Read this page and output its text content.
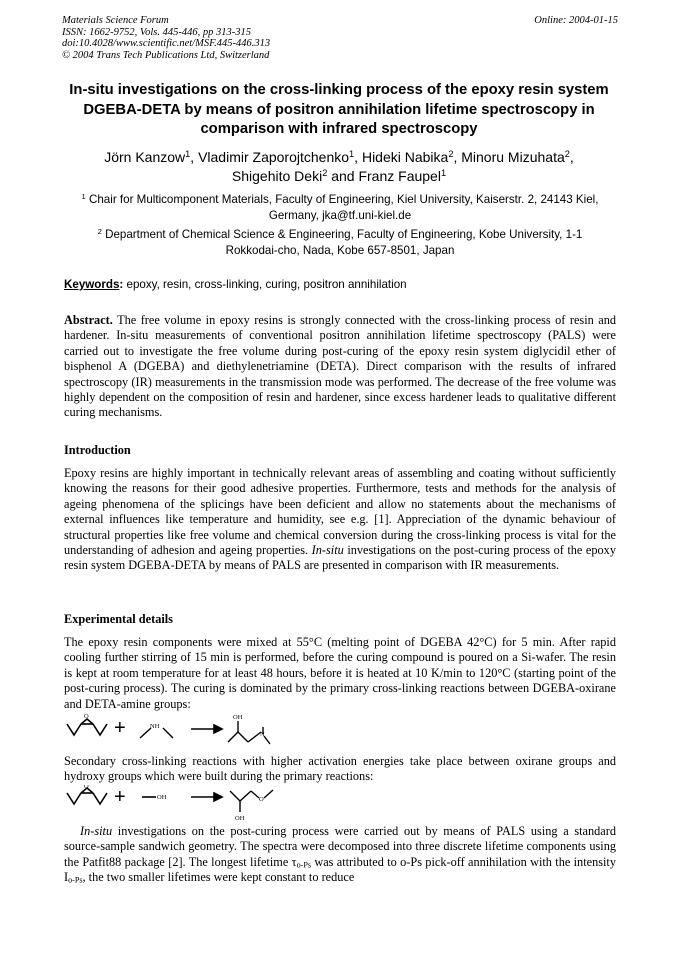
Materials Science Forum
ISSN: 1662-9752, Vols. 445-446, pp 313-315
doi:10.4028/www.scientific.net/MSF.445-446.313
© 2004 Trans Tech Publications Ltd, Switzerland
Online: 2004-01-15
In-situ investigations on the cross-linking process of the epoxy resin system DGEBA-DETA by means of positron annihilation lifetime spectroscopy in comparison with infrared spectroscopy
Jörn Kanzow$^1$, Vladimir Zaporojtchenko$^1$, Hideki Nabika$^2$, Minoru Mizuhata$^2$,
Shigehito Deki$^2$ and Franz Faupel$^1$
$^1$ Chair for Multicomponent Materials, Faculty of Engineering, Kiel University, Kaiserstr. 2, 24143 Kiel, Germany, jka@tf.uni-kiel.de
$^2$ Department of Chemical Science & Engineering, Faculty of Engineering, Kobe University, 1-1 Rokkodai-cho, Nada, Kobe 657-8501, Japan
Keywords: epoxy, resin, cross-linking, curing, positron annihilation
Abstract. The free volume in epoxy resins is strongly connected with the cross-linking process of resin and hardener. In-situ measurements of conventional positron annihilation lifetime spectroscopy (PALS) were carried out to investigate the free volume during post-curing of the epoxy resin system diglycidil ether of bisphenol A (DGEBA) and diethylenetriamine (DETA). Direct comparison with the results of infrared spectroscopy (IR) measurements in the transmission mode was performed. The decrease of the free volume was highly dependent on the composition of resin and hardener, since excess hardener leads to qualitative different curing mechanisms.
Introduction
Epoxy resins are highly important in technically relevant areas of assembling and coating without sufficiently knowing the reasons for their good adhesive properties. Furthermore, tests and methods for the analysis of ageing phenomena of the splicings have been deficient and allow no statements about the mechanisms of external influences like temperature and humidity, see e.g. [1]. Appreciation of the dynamic behaviour of structural properties like free volume and chemical conversion during the cross-linking process is vital for the understanding of adhesion and ageing properties. In-situ investigations on the post-curing process of the epoxy resin system DGEBA-DETA by means of PALS are presented in comparison with IR measurements.
Experimental details
The epoxy resin components were mixed at 55°C (melting point of DGEBA 42°C) for 5 min. After rapid cooling further stirring of 15 min is performed, before the curing compound is poured on a Si-wafer. The resin is kept at room temperature for at least 48 hours, before it is heated at 10 K/min to 120°C (starting point of the post-curing process). The curing is dominated by the primary cross-linking reactions between DGEBA-oxirane and DETA-amine groups:
O
+	NH
OH
N
Secondary cross-linking reactions with higher activation energies take place between oxirane groups and hydroxy groups which were built during the primary reactions:
O +	OH	O
OH
In-situ investigations on the post-curing process were carried out by means of PALS using a standard source-sample sandwich geometry. The spectra were decomposed into three discrete lifetime components using the Patfit88 package [2]. The longest lifetime $\tau_{o-Ps}$ was attributed to o-Ps pick-off annihilation with the intensity $I_{o-Ps}$, the two smaller lifetimes were kept constant to reduce
